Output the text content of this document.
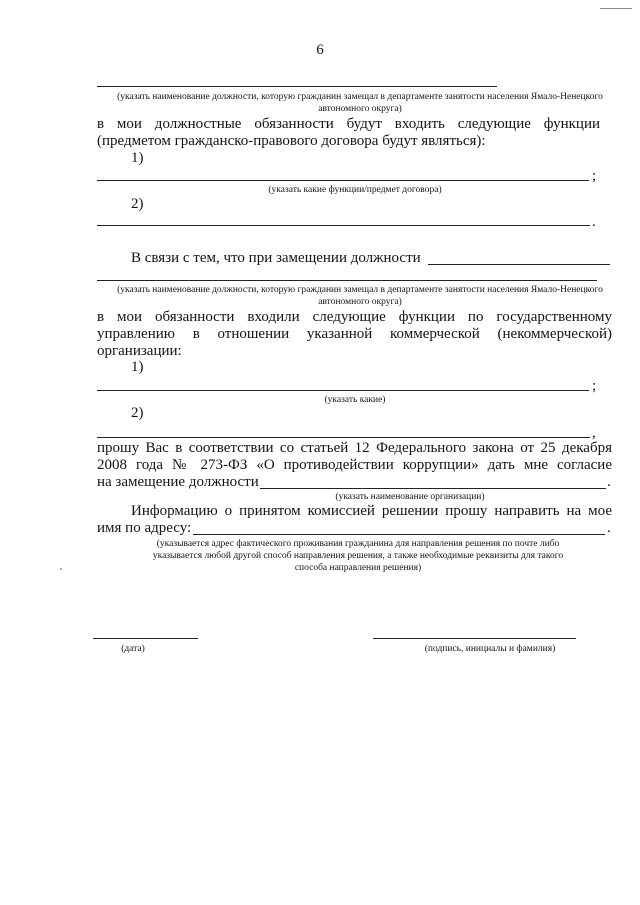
6
(указать наименование должности, которую гражданин замещал в департаменте занятости населения Ямало-Ненецкого автономного округа)
в мои должностные обязанности будут входить следующие функции
(предметом гражданско-правового договора будут являться):
1)
;
(указать какие функции/предмет договора)
2)
.
В связи с тем, что при замещении должности
(указать наименование должности, которую гражданин замещал в департаменте занятости населения Ямало-Ненецкого автономного округа)
в мои обязанности входили следующие функции по государственному
управлению в отношении указанной коммерческой (некоммерческой)
организации:
1)
;
(указать какие)
2)
,
прошу Вас в соответствии со статьей 12 Федерального закона от 25 декабря
2008 года № 273-ФЗ «О противодействии коррупции» дать мне согласие
на замещение должности	.
(указать наименование организации)
Информацию о принятом комиссией решении прошу направить на мое
имя по адресу:	.
(указывается адрес фактического проживания гражданина для направления решения по почте либо
указывается любой другой способ направления решения, а также необходимые реквизиты для такого
способа направления решения)
(дата)	(подпись, инициалы и фамилия)
